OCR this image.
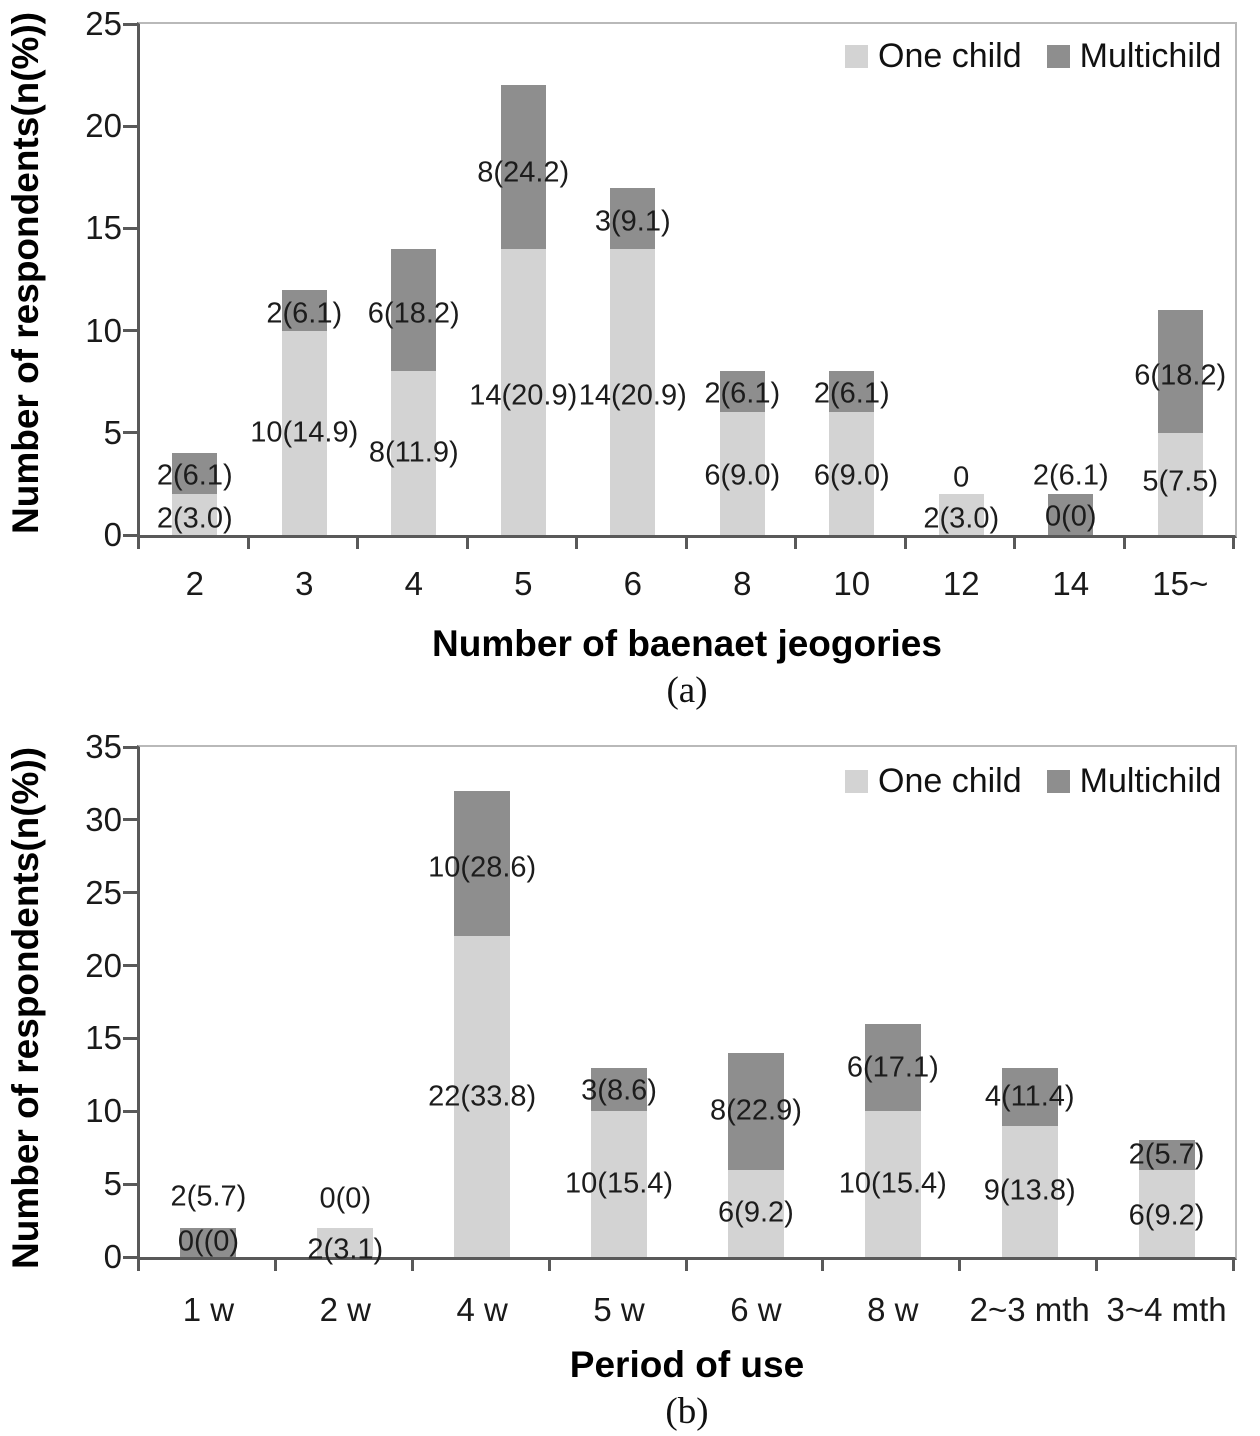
Number of respondents(n(%))	One child Multichild
Number of baenaet jeogories
(a)
0
5
10
15
20
25
2	3	4	5	6	8	10	12	14	15~
2(3.0)
10(14.9)
8(11.9)
14(20.9) 14(20.9)
6(9.0) 6(9.0)
2(3.0) 0(0)
5(7.5)
2(6.1)
2(6.1) 6(18.2)
8(24.2)
3(9.1)
2(6.1) 2(6.1)
0 2(6.1)
6(18.2)
Number of respondents(n(%))	One child Multichild
Period of use
(b)
0
5
10
15
20
25
30
35
1 w	2 w	4 w	5 w	6 w	8 w	2~3 mth 3~4 mth
0((0) 2(3.1)
22(33.8)
10(15.4)
6(9.2)
10(15.4) 9(13.8)
6(9.2)
2(5.7)	0(0)
10(28.6)
3(8.6)
8(22.9)
6(17.1)
4(11.4)
2(5.7)
